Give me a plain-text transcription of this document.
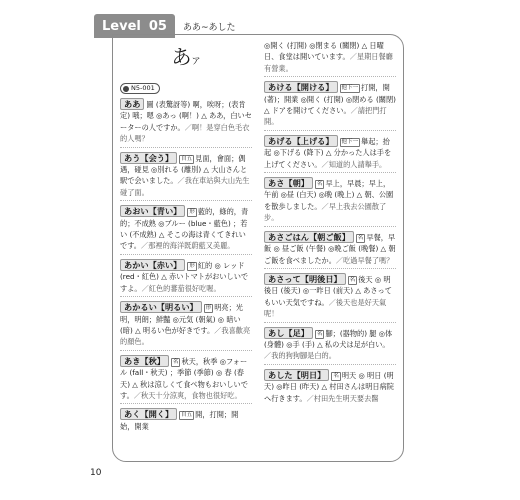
Level 05 ああ~あした
あア
N5-001
ああ 圖 (表驚訝等) 啊，唉呀；(表肯定) 哦；嗯 ◎あっ (啊！) △ ああ，白いセーターの人ですか。／啊！是穿白色毛衣的人嗎？
あう【会う】 自五 見面，會面；偶遇，碰見 ◎別れる (離別) △ 大山さんと駅で会いました。／我在車站與大山先生碰了面。
あおい【青い】 形 藍的，綠的，青的；不成熟 ◎ブルー (blue・藍色) ；若い (不成熟) △ そこの海は青くてきれいです。／那裡的海洋既蔚藍又美麗。
あかい【赤い】 形 紅的 ◎ レッド (red・紅色) △ 赤いトマトがおいしいですよ。／紅色的蕃茄很好吃喔。
あかるい【明るい】 形 明亮；光明，明朗；鮮豔 ◎元気 (朝氣) ◎ 暗い (暗) △ 明るい色が好きです。／我喜歡亮的顏色。
あき【秋】 名 秋天，秋季 ◎フォール (fall・秋天) ；季節 (季節) ◎ 春 (春天) △ 秋は涼しくて食べ物もおいしいです。／秋天十分涼爽，食物也很好吃。
あく【開く】 自五 開，打開；開始，開業
◎開く (打開) ◎閉まる (關閉) △ 日曜日、食堂は開いています。／星期日餐廳有營業。
あける【開ける】 他下一 打開，開 (著)；開業 ◎開く (打開) ◎閉める (關閉) △ ドアを開けてください。／請把門打開。
あげる【上げる】 他下一 舉起；抬起 ◎下げる (降下) △ 分かった人は手を上げてください。／知道的人請舉手。
あさ【朝】 名 早上，早晨；早上，午前 ◎昼 (白天) ◎晩 (晚上) △ 朝、公園を散歩しました。／早上我去公園散了步。
あさごはん【朝ご飯】 名 早餐，早飯 ◎ 昼ご飯 (午餐) ◎晩ご飯 (晚餐) △ 朝ご飯を食べましたか。／吃過早餐了嗎？
あさって【明後日】 名 後天 ◎ 明後日 (後天) ◎一昨日 (前天) △ あさってもいい天気ですね。／後天也是好天氣呢！
あし【足】 名 腳；(器物的) 腿 ◎体 (身體) ◎手 (手) △ 私の犬は足が白い。／我的狗狗腳是白的。
あした【明日】 名 明天 ◎ 明日 (明天) ◎昨日 (昨天) △ 村田さんは明日病院へ行きます。／村田先生明天要去醫
10
